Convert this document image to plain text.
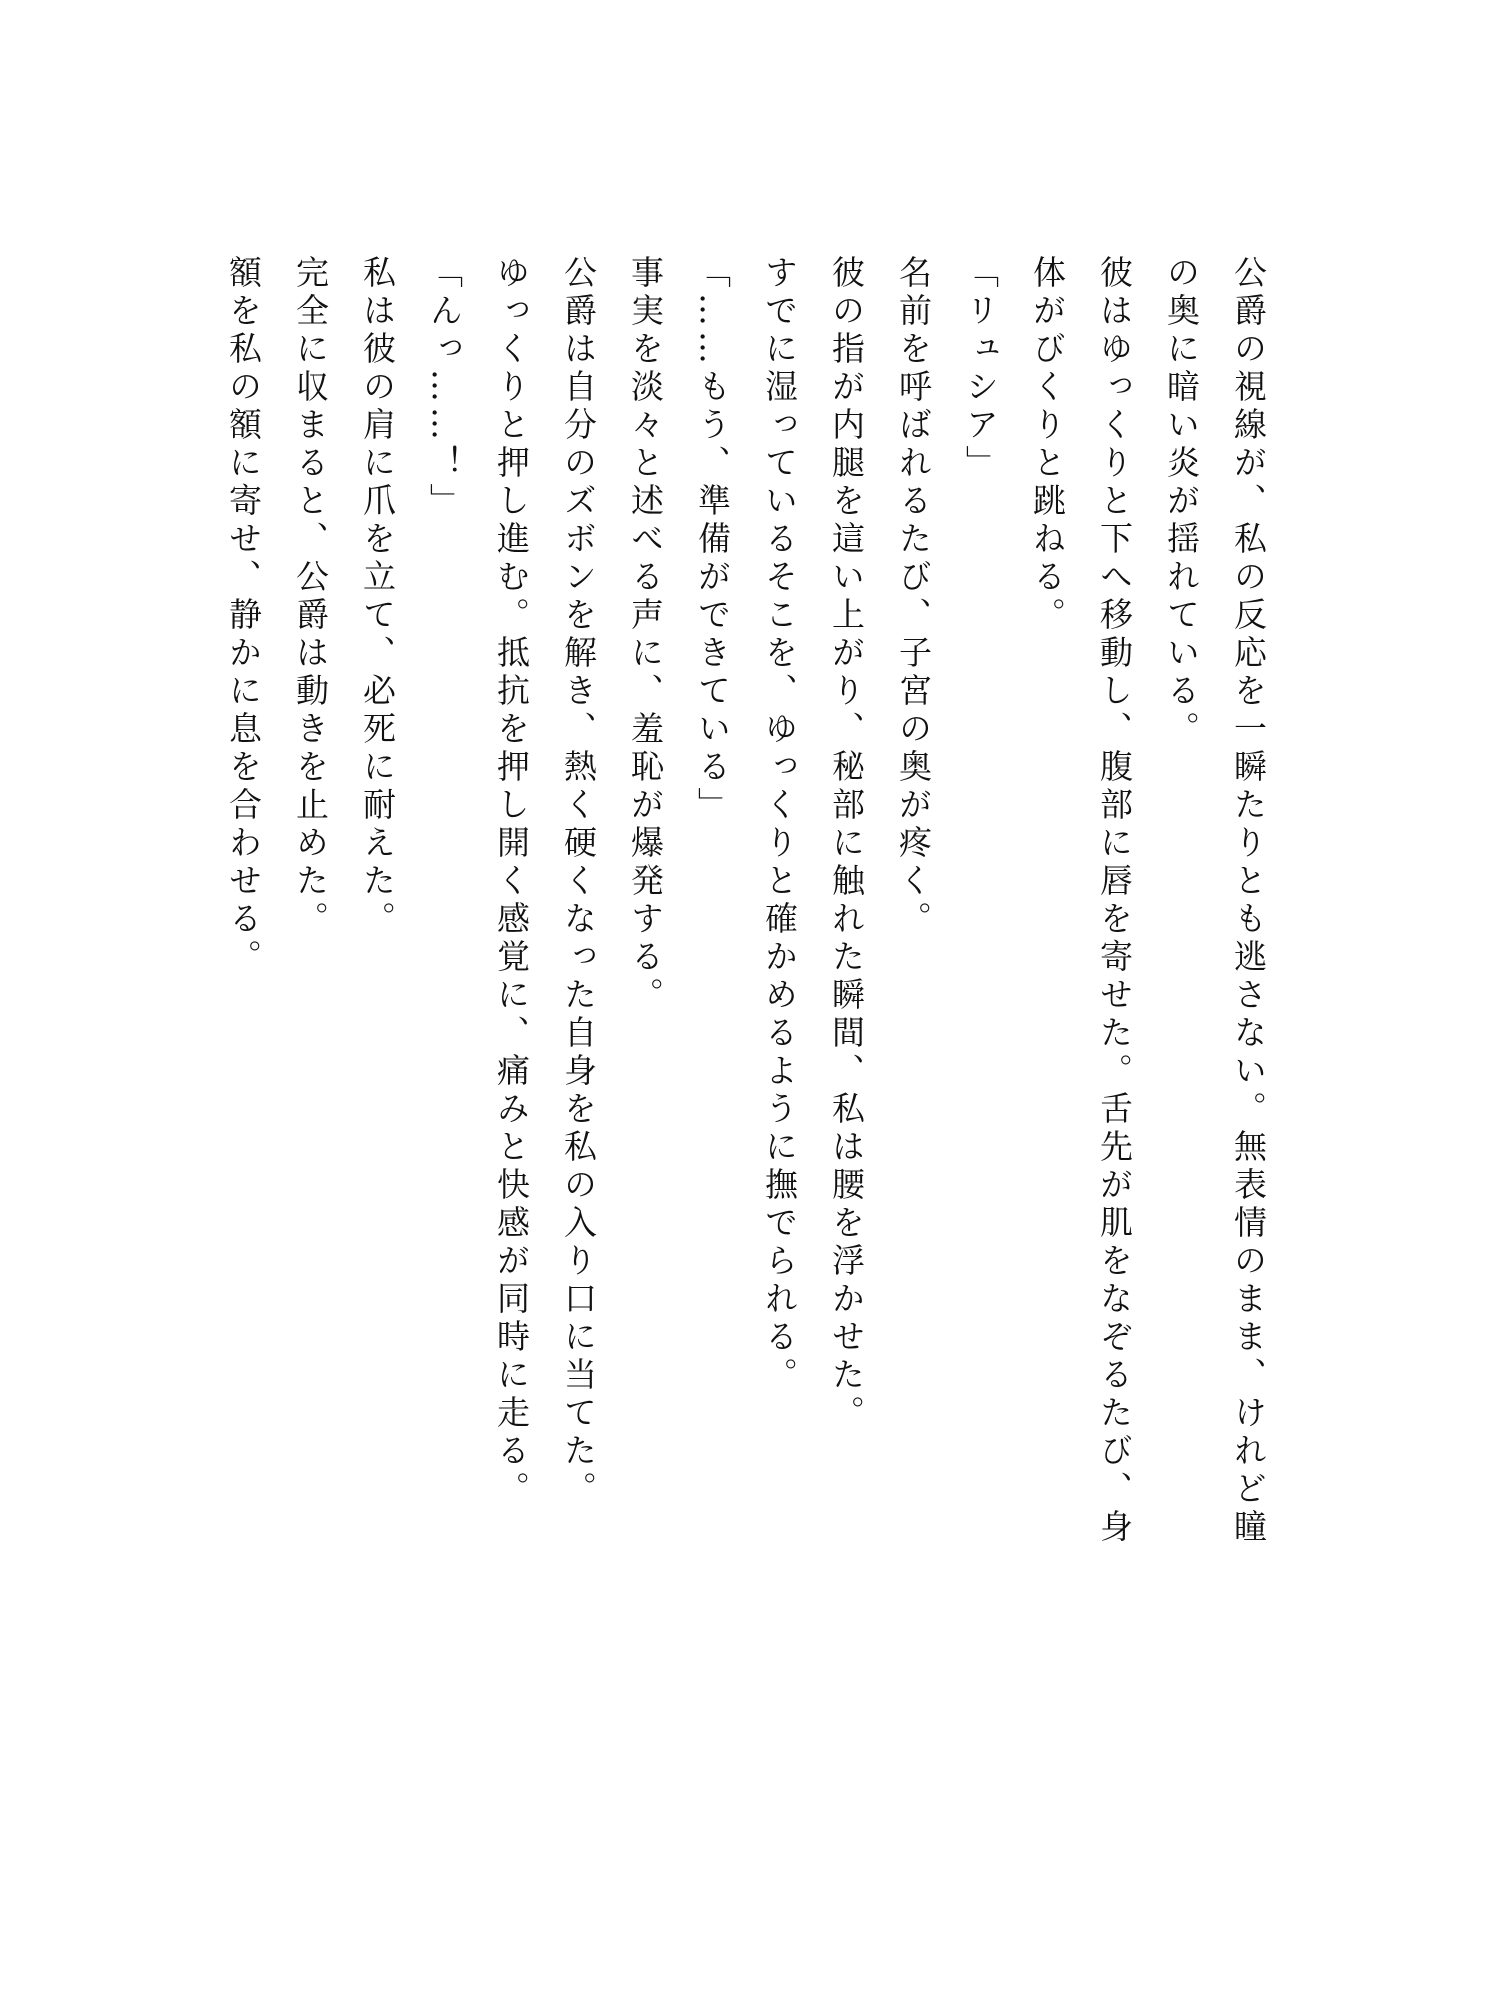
公爵の視線が、私の反応を一瞬たりとも逃さない。無表情のまま、けれど瞳の奥に暗い炎が揺れている。

彼はゆっくりと下へ移動し、腹部に唇を寄せた。舌先が肌をなぞるたび、身体がびくりと跳ねる。

「リュシア」

名前を呼ばれるたび、子宮の奥が疼く。

彼の指が内腿を這い上がり、秘部に触れた瞬間、私は腰を浮かせた。

すでに湿っているそこを、ゆっくりと確かめるように撫でられる。

「……もう、準備ができている」

事実を淡々と述べる声に、羞恥が爆発する。

公爵は自分のズボンを解き、熱く硬くなった自身を私の入り口に当てた。

ゆっくりと押し進む。抵抗を押し開く感覚に、痛みと快感が同時に走る。

「んっ……！」

私は彼の肩に爪を立て、必死に耐えた。

完全に収まると、公爵は動きを止めた。

額を私の額に寄せ、静かに息を合わせる。
